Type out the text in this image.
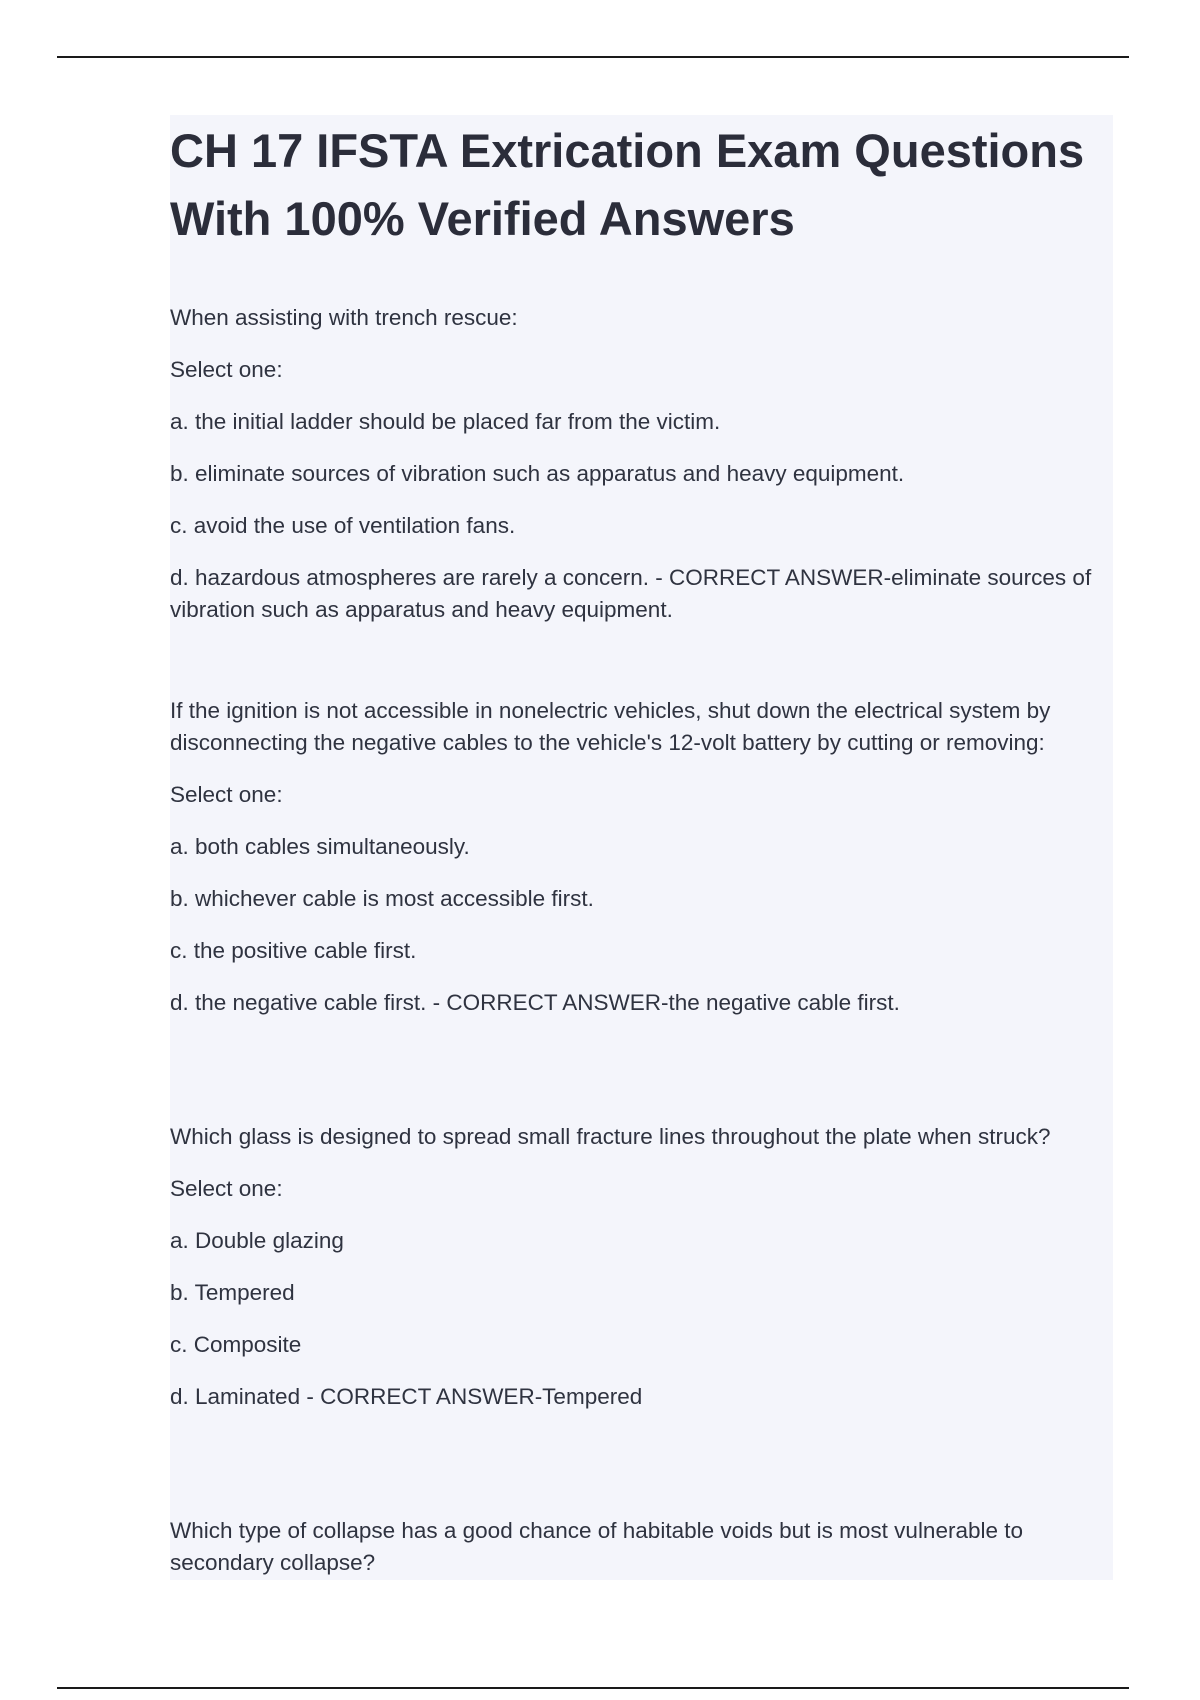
CH 17 IFSTA Extrication Exam Questions With 100% Verified Answers

When assisting with trench rescue:

Select one:

a. the initial ladder should be placed far from the victim.

b. eliminate sources of vibration such as apparatus and heavy equipment.

c. avoid the use of ventilation fans.

d. hazardous atmospheres are rarely a concern. - CORRECT ANSWER-eliminate sources of vibration such as apparatus and heavy equipment.

If the ignition is not accessible in nonelectric vehicles, shut down the electrical system by disconnecting the negative cables to the vehicle's 12-volt battery by cutting or removing:

Select one:

a. both cables simultaneously.

b. whichever cable is most accessible first.

c. the positive cable first.

d. the negative cable first. - CORRECT ANSWER-the negative cable first.

Which glass is designed to spread small fracture lines throughout the plate when struck?

Select one:

a. Double glazing

b. Tempered

c. Composite

d. Laminated - CORRECT ANSWER-Tempered

Which type of collapse has a good chance of habitable voids but is most vulnerable to secondary collapse?
